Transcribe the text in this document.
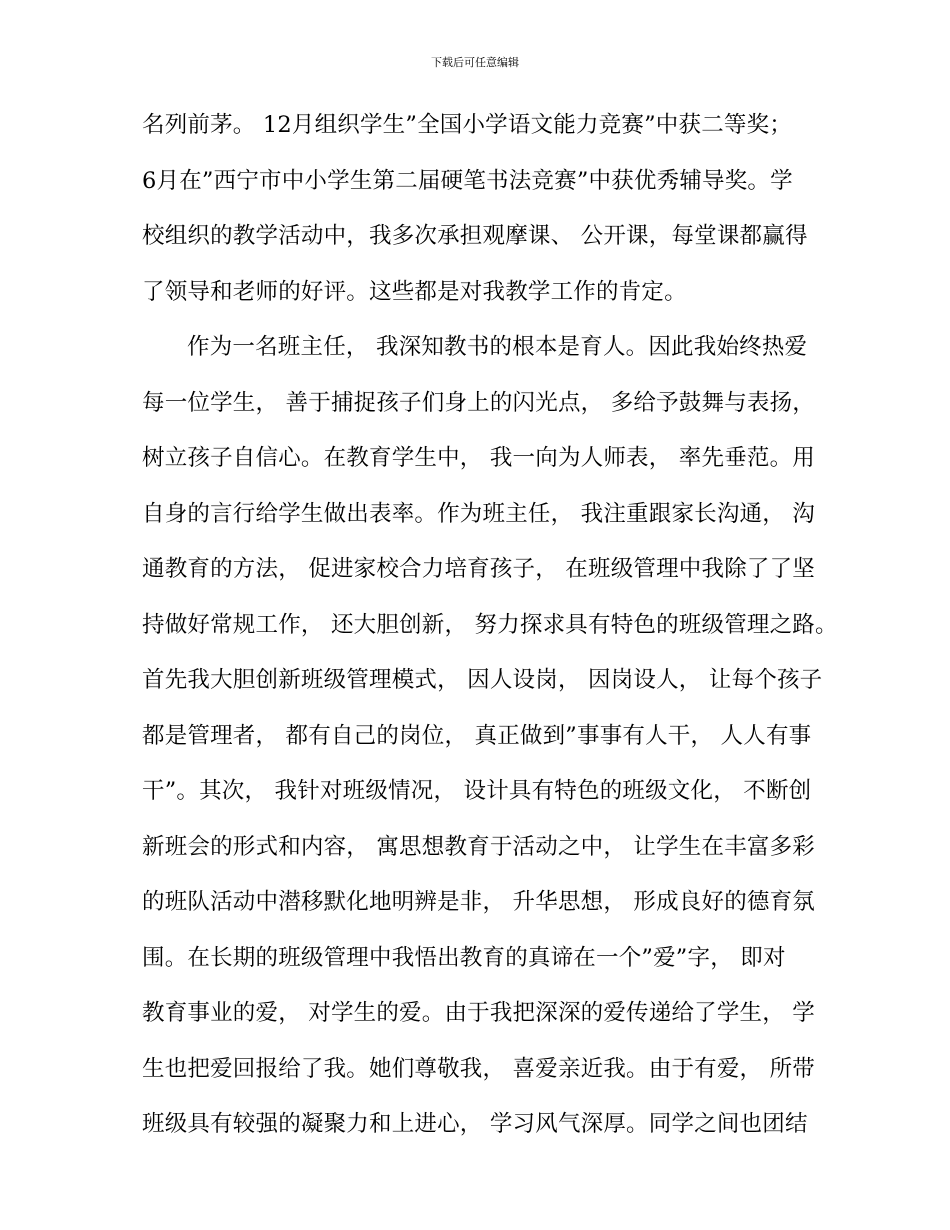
下载后可任意编辑
名列前茅。 12月组织学生”全国小学语文能力竞赛”中获二等奖；
6月在”西宁市中小学生第二届硬笔书法竞赛”中获优秀辅导奖。学
校组织的教学活动中，我多次承担观摩课、 公开课，每堂课都赢得
了领导和老师的好评。这些都是对我教学工作的肯定。
作为一名班主任， 我深知教书的根本是育人。因此我始终热爱
每一位学生， 善于捕捉孩子们身上的闪光点， 多给予鼓舞与表扬，
树立孩子自信心。在教育学生中， 我一向为人师表， 率先垂范。用
自身的言行给学生做出表率。作为班主任， 我注重跟家长沟通， 沟
通教育的方法， 促进家校合力培育孩子， 在班级管理中我除了了坚
持做好常规工作， 还大胆创新， 努力探求具有特色的班级管理之路。
首先我大胆创新班级管理模式， 因人设岗， 因岗设人， 让每个孩子
都是管理者， 都有自己的岗位， 真正做到”事事有人干， 人人有事
干”。其次， 我针对班级情况， 设计具有特色的班级文化， 不断创
新班会的形式和内容， 寓思想教育于活动之中， 让学生在丰富多彩
的班队活动中潜移默化地明辨是非， 升华思想， 形成良好的德育氛
围。在长期的班级管理中我悟出教育的真谛在一个”爱”字， 即对
教育事业的爱， 对学生的爱。由于我把深深的爱传递给了学生， 学
生也把爱回报给了我。她们尊敬我， 喜爱亲近我。由于有爱， 所带
班级具有较强的凝聚力和上进心， 学习风气深厚。同学之间也团结
